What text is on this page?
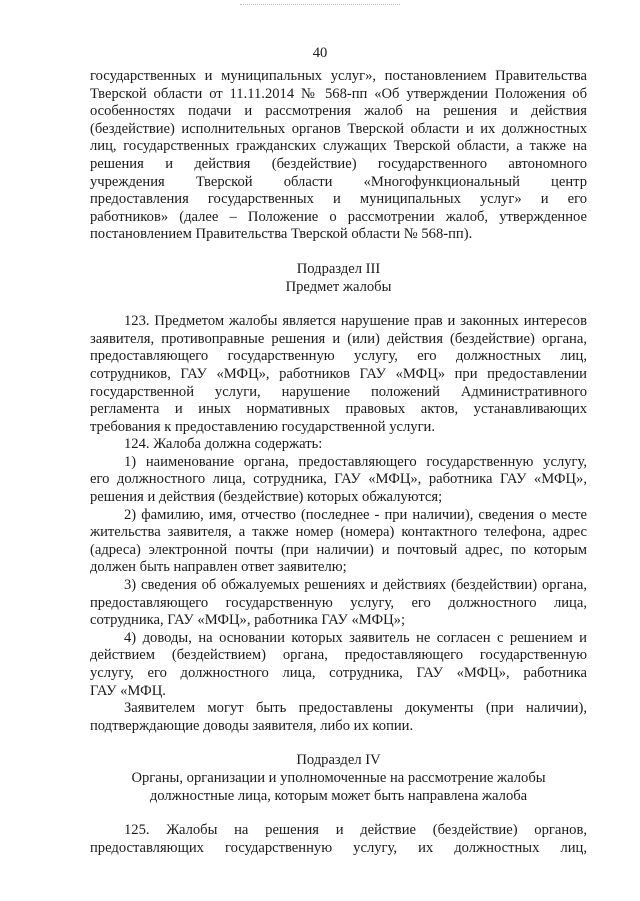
40

государственных и муниципальных услуг», постановлением Правительства

Тверской области от 11.11.2014 № 568-пп «Об утверждении Положения об

особенностях подачи и рассмотрения жалоб на решения и действия

(бездействие) исполнительных органов Тверской области и их должностных

лиц, государственных гражданских служащих Тверской области, а также на

решения и действия (бездействие) государственного автономного

учреждения Тверской области «Многофункциональный центр

предоставления государственных и муниципальных услуг» и его

работников» (далее – Положение о рассмотрении жалоб, утвержденное

постановлением Правительства Тверской области № 568-пп).

Подраздел III
Предмет жалобы

123. Предметом жалобы является нарушение прав и законных интересов

заявителя, противоправные решения и (или) действия (бездействие) органа,

предоставляющего государственную услугу, его должностных лиц,

сотрудников, ГАУ «МФЦ», работников ГАУ «МФЦ» при предоставлении

государственной услуги, нарушение положений Административного

регламента и иных нормативных правовых актов, устанавливающих

требования к предоставлению государственной услуги.

124. Жалоба должна содержать:

1) наименование органа, предоставляющего государственную услугу,

его должностного лица, сотрудника, ГАУ «МФЦ», работника ГАУ «МФЦ»,

решения и действия (бездействие) которых обжалуются;

2) фамилию, имя, отчество (последнее - при наличии), сведения о месте

жительства заявителя, а также номер (номера) контактного телефона, адрес

(адреса) электронной почты (при наличии) и почтовый адрес, по которым

должен быть направлен ответ заявителю;

3) сведения об обжалуемых решениях и действиях (бездействии) органа,

предоставляющего государственную услугу, его должностного лица,

сотрудника, ГАУ «МФЦ», работника ГАУ «МФЦ»;

4) доводы, на основании которых заявитель не согласен с решением и

действием (бездействием) органа, предоставляющего государственную

услугу, его должностного лица, сотрудника, ГАУ «МФЦ», работника

ГАУ «МФЦ.

Заявителем могут быть предоставлены документы (при наличии),

подтверждающие доводы заявителя, либо их копии.

Подраздел IV
Органы, организации и уполномоченные на рассмотрение жалобы
должностные лица, которым может быть направлена жалоба

125. Жалобы на решения и действие (бездействие) органов,

предоставляющих государственную услугу, их должностных лиц,
